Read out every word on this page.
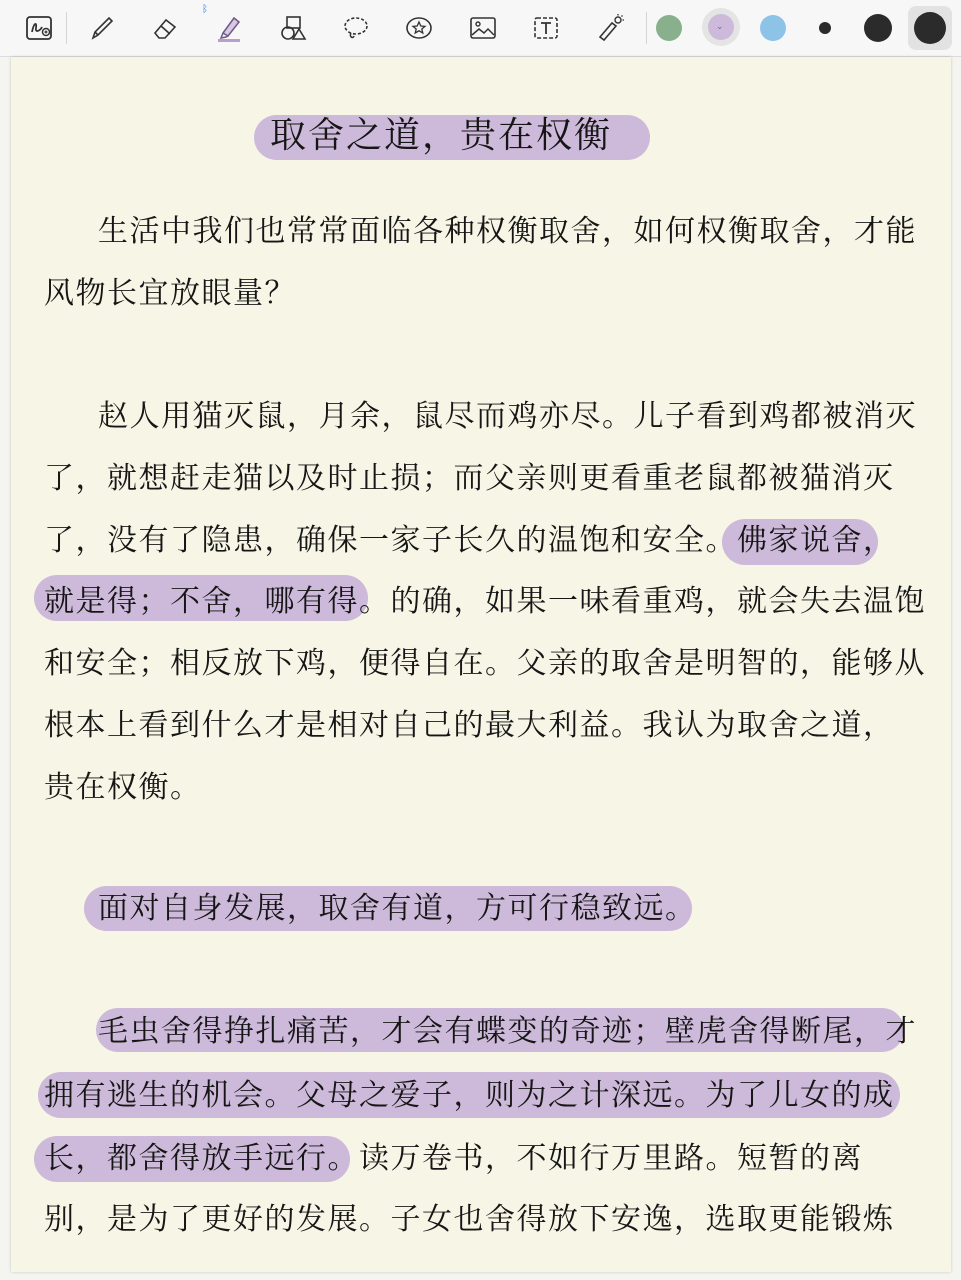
ᛒ
⌄
取舍之道，贵在权衡
生活中我们也常常面临各种权衡取舍，如何权衡取舍，才能
风物长宜放眼量？
赵人用猫灭鼠，月余，鼠尽而鸡亦尽。儿子看到鸡都被消灭
了，就想赶走猫以及时止损；而父亲则更看重老鼠都被猫消灭
了，没有了隐患，确保一家子长久的温饱和安全。佛家说舍，
就是得；不舍，哪有得。的确，如果一味看重鸡，就会失去温饱
和安全；相反放下鸡，便得自在。父亲的取舍是明智的，能够从
根本上看到什么才是相对自己的最大利益。我认为取舍之道，
贵在权衡。
面对自身发展，取舍有道，方可行稳致远。
毛虫舍得挣扎痛苦，才会有蝶变的奇迹；壁虎舍得断尾，才
拥有逃生的机会。父母之爱子，则为之计深远。为了儿女的成
长，都舍得放手远行。读万卷书，不如行万里路。短暂的离
别，是为了更好的发展。子女也舍得放下安逸，选取更能锻炼
